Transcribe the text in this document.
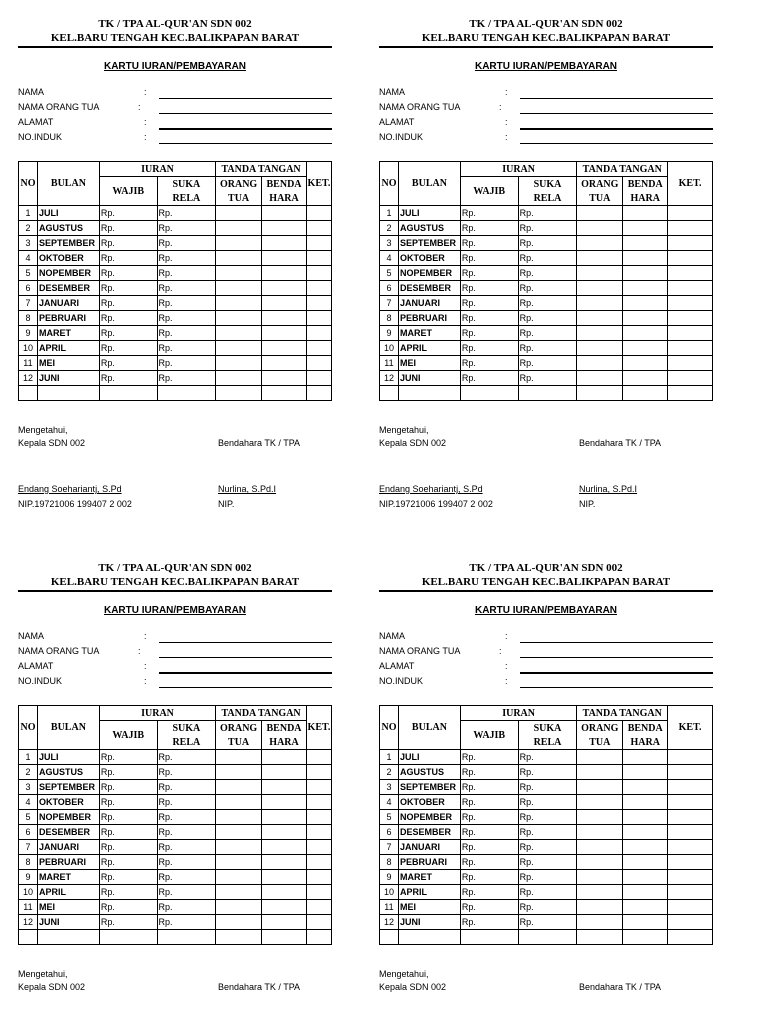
TK / TPA AL-QUR'AN SDN 002
KEL.BARU TENGAH KEC.BALIKPAPAN BARAT
KARTU IURAN/PEMBAYARAN
NAMA	:
NAMA ORANG TUA	:
ALAMAT	:
NO.INDUK	:
NO	BULAN	IURAN		TANDA TANGAN		KET.
		WAJIB	SUKA	ORANG	BENDA	
			RELA	TUA	HARA	
1	JULI	Rp.	Rp.			
2	AGUSTUS	Rp.	Rp.			
3	SEPTEMBER	Rp.	Rp.			
4	OKTOBER	Rp.	Rp.			
5	NOPEMBER	Rp.	Rp.			
6	DESEMBER	Rp.	Rp.			
7	JANUARI	Rp.	Rp.			
8	PEBRUARI	Rp.	Rp.			
9	MARET	Rp.	Rp.			
10	APRIL	Rp.	Rp.			
11	MEI	Rp.	Rp.			
12	JUNI	Rp.	Rp.			

Mengetahui,
Kepala SDN 002	Bendahara TK / TPA
Endang Soehariantj, S.Pd	Nurlina, S.Pd.I
NIP.19721006 199407 2 002	NIP.
TK / TPA AL-QUR'AN SDN 002
KEL.BARU TENGAH KEC.BALIKPAPAN BARAT
KARTU IURAN/PEMBAYARAN
NAMA	:
NAMA ORANG TUA	:
ALAMAT	:
NO.INDUK	:
NO	BULAN	IURAN		TANDA TANGAN		KET.
		WAJIB	SUKA	ORANG	BENDA	
			RELA	TUA	HARA	
1	JULI	Rp.	Rp.			
2	AGUSTUS	Rp.	Rp.			
3	SEPTEMBER	Rp.	Rp.			
4	OKTOBER	Rp.	Rp.			
5	NOPEMBER	Rp.	Rp.			
6	DESEMBER	Rp.	Rp.			
7	JANUARI	Rp.	Rp.			
8	PEBRUARI	Rp.	Rp.			
9	MARET	Rp.	Rp.			
10	APRIL	Rp.	Rp.			
11	MEI	Rp.	Rp.			
12	JUNI	Rp.	Rp.			

Mengetahui,
Kepala SDN 002	Bendahara TK / TPA
Endang Soehariantj, S.Pd	Nurlina, S.Pd.I
NIP.19721006 199407 2 002	NIP.
TK / TPA AL-QUR'AN SDN 002
KEL.BARU TENGAH KEC.BALIKPAPAN BARAT
KARTU IURAN/PEMBAYARAN
NAMA	:
NAMA ORANG TUA	:
ALAMAT	:
NO.INDUK	:
NO	BULAN	IURAN		TANDA TANGAN		KET.
		WAJIB	SUKA	ORANG	BENDA	
			RELA	TUA	HARA	
1	JULI	Rp.	Rp.			
2	AGUSTUS	Rp.	Rp.			
3	SEPTEMBER	Rp.	Rp.			
4	OKTOBER	Rp.	Rp.			
5	NOPEMBER	Rp.	Rp.			
6	DESEMBER	Rp.	Rp.			
7	JANUARI	Rp.	Rp.			
8	PEBRUARI	Rp.	Rp.			
9	MARET	Rp.	Rp.			
10	APRIL	Rp.	Rp.			
11	MEI	Rp.	Rp.			
12	JUNI	Rp.	Rp.			

Mengetahui,
Kepala SDN 002	Bendahara TK / TPA
TK / TPA AL-QUR'AN SDN 002
KEL.BARU TENGAH KEC.BALIKPAPAN BARAT
KARTU IURAN/PEMBAYARAN
NAMA	:
NAMA ORANG TUA	:
ALAMAT	:
NO.INDUK	:
NO	BULAN	IURAN		TANDA TANGAN		KET.
		WAJIB	SUKA	ORANG	BENDA	
			RELA	TUA	HARA	
1	JULI	Rp.	Rp.			
2	AGUSTUS	Rp.	Rp.			
3	SEPTEMBER	Rp.	Rp.			
4	OKTOBER	Rp.	Rp.			
5	NOPEMBER	Rp.	Rp.			
6	DESEMBER	Rp.	Rp.			
7	JANUARI	Rp.	Rp.			
8	PEBRUARI	Rp.	Rp.			
9	MARET	Rp.	Rp.			
10	APRIL	Rp.	Rp.			
11	MEI	Rp.	Rp.			
12	JUNI	Rp.	Rp.			

Mengetahui,
Kepala SDN 002	Bendahara TK / TPA
